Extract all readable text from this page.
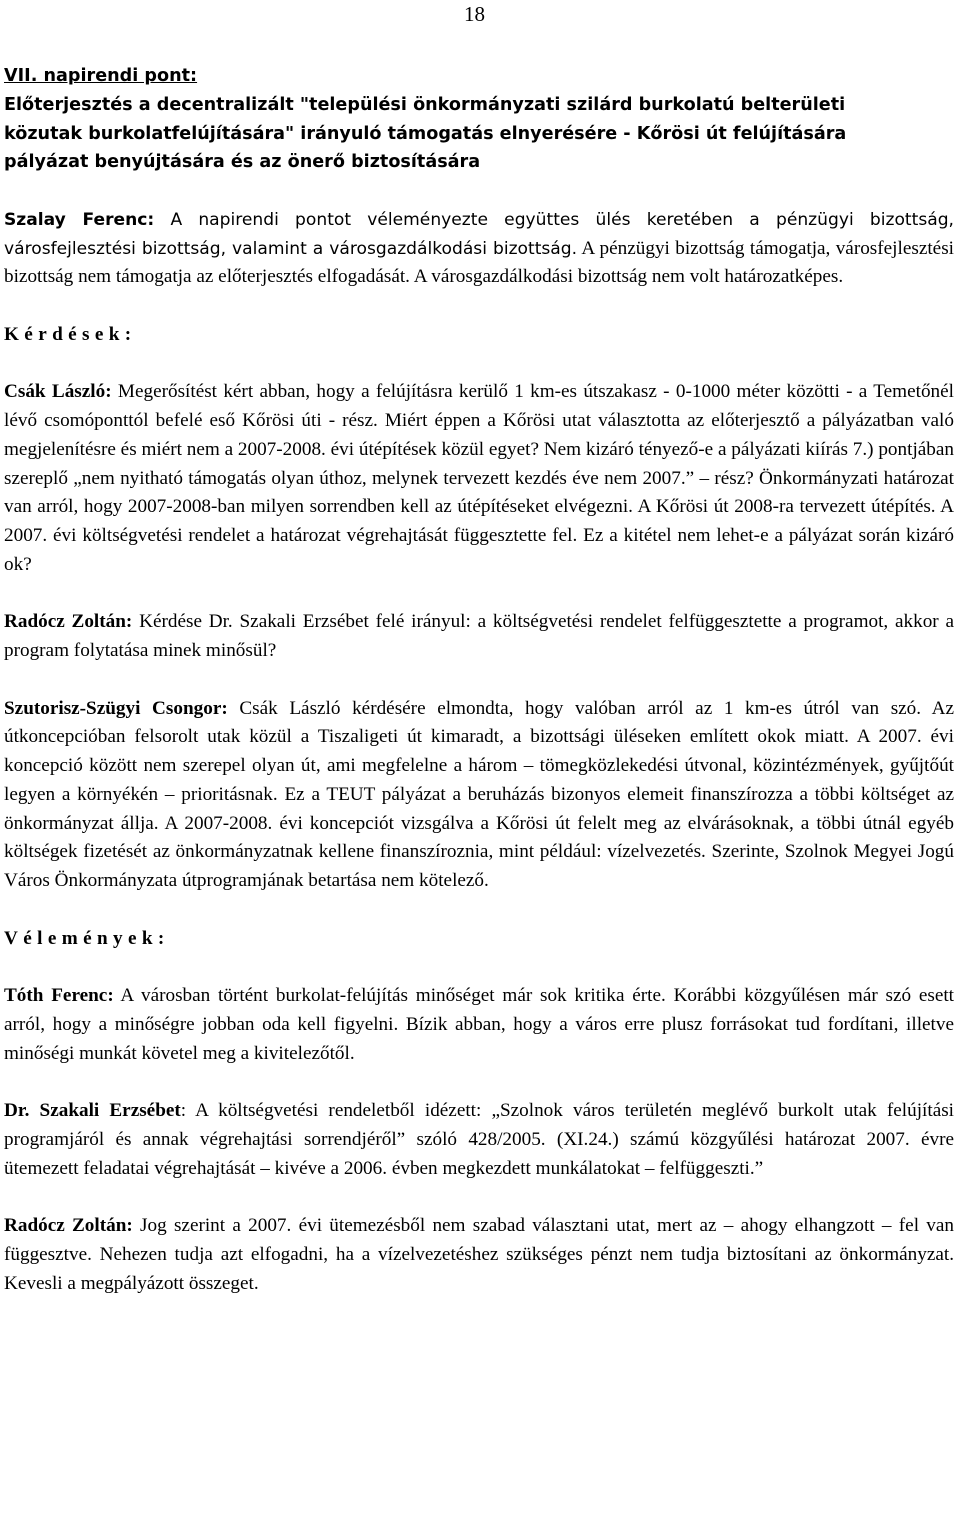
18
VII. napirendi pont:
Előterjesztés a decentralizált "települési önkormányzati szilárd burkolatú belterületi
közutak burkolatfelújítására" irányuló támogatás elnyerésére - Kőrösi út felújítására
pályázat benyújtására és az önerő biztosítására

Szalay Ferenc: A napirendi pontot véleményezte együttes ülés keretében a pénzügyi bizottság, városfejlesztési bizottság, valamint a városgazdálkodási bizottság. A pénzügyi bizottság támogatja, városfejlesztési bizottság nem támogatja az előterjesztés elfogadását. A városgazdálkodási bizottság nem volt határozatképes.

Kérdések:

Csák László: Megerősítést kért abban, hogy a felújításra kerülő 1 km-es útszakasz - 0-1000 méter közötti - a Temetőnél lévő csomóponttól befelé eső Kőrösi úti - rész. Miért éppen a Kőrösi utat választotta az előterjesztő a pályázatban való megjelenítésre és miért nem a 2007-2008. évi útépítések közül egyet? Nem kizáró tényező-e a pályázati kiírás 7.) pontjában szereplő „nem nyitható támogatás olyan úthoz, melynek tervezett kezdés éve nem 2007.” – rész? Önkormányzati határozat van arról, hogy 2007-2008-ban milyen sorrendben kell az útépítéseket elvégezni. A Kőrösi út 2008-ra tervezett útépítés. A 2007. évi költségvetési rendelet a határozat végrehajtását függesztette fel. Ez a kitétel nem lehet-e a pályázat során kizáró ok?

Radócz Zoltán: Kérdése Dr. Szakali Erzsébet felé irányul: a költségvetési rendelet felfüggesztette a programot, akkor a program folytatása minek minősül?

Szutorisz-Szügyi Csongor: Csák László kérdésére elmondta, hogy valóban arról az 1 km-es útról van szó. Az útkoncepcióban felsorolt utak közül a Tiszaligeti út kimaradt, a bizottsági üléseken említett okok miatt. A 2007. évi koncepció között nem szerepel olyan út, ami megfelelne a három – tömegközlekedési útvonal, közintézmények, gyűjtőút legyen a környékén – prioritásnak. Ez a TEUT pályázat a beruházás bizonyos elemeit finanszírozza a többi költséget az önkormányzat állja. A 2007-2008. évi koncepciót vizsgálva a Kőrösi út felelt meg az elvárásoknak, a többi útnál egyéb költségek fizetését az önkormányzatnak kellene finanszíroznia, mint például: vízelvezetés. Szerinte, Szolnok Megyei Jogú Város Önkormányzata útprogramjának betartása nem kötelező.

Vélemények:

Tóth Ferenc: A városban történt burkolat-felújítás minőséget már sok kritika érte. Korábbi közgyűlésen már szó esett arról, hogy a minőségre jobban oda kell figyelni. Bízik abban, hogy a város erre plusz forrásokat tud fordítani, illetve minőségi munkát követel meg a kivitelezőtől.

Dr. Szakali Erzsébet: A költségvetési rendeletből idézett: „Szolnok város területén meglévő burkolt utak felújítási programjáról és annak végrehajtási sorrendjéről” szóló 428/2005. (XI.24.) számú közgyűlési határozat 2007. évre ütemezett feladatai végrehajtását – kivéve a 2006. évben megkezdett munkálatokat – felfüggeszti.”

Radócz Zoltán: Jog szerint a 2007. évi ütemezésből nem szabad választani utat, mert az – ahogy elhangzott – fel van függesztve. Nehezen tudja azt elfogadni, ha a vízelvezetéshez szükséges pénzt nem tudja biztosítani az önkormányzat. Kevesli a megpályázott összeget.
